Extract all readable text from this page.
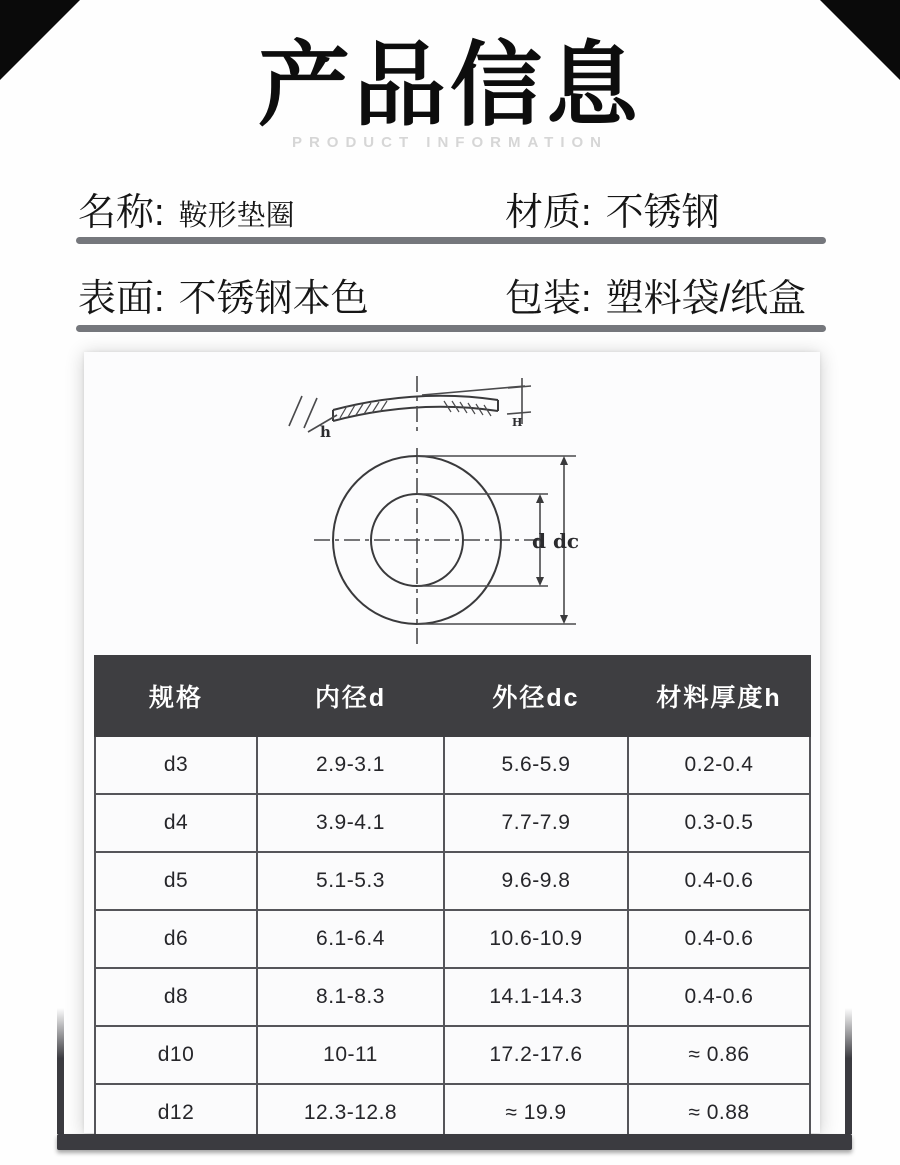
产品信息
PRODUCT INFORMATION
名称: 鞍形垫圈	材质: 不锈钢
表面: 不锈钢本色	包装: 塑料袋/纸盒
h
H
d dc
规格	内径d	外径dc	材料厚度h
d3	2.9-3.1	5.6-5.9	0.2-0.4
d4	3.9-4.1	7.7-7.9	0.3-0.5
d5	5.1-5.3	9.6-9.8	0.4-0.6
d6	6.1-6.4	10.6-10.9	0.4-0.6
d8	8.1-8.3	14.1-14.3	0.4-0.6
d10	10-11	17.2-17.6	≈ 0.86
d12	12.3-12.8	≈ 19.9	≈ 0.88
